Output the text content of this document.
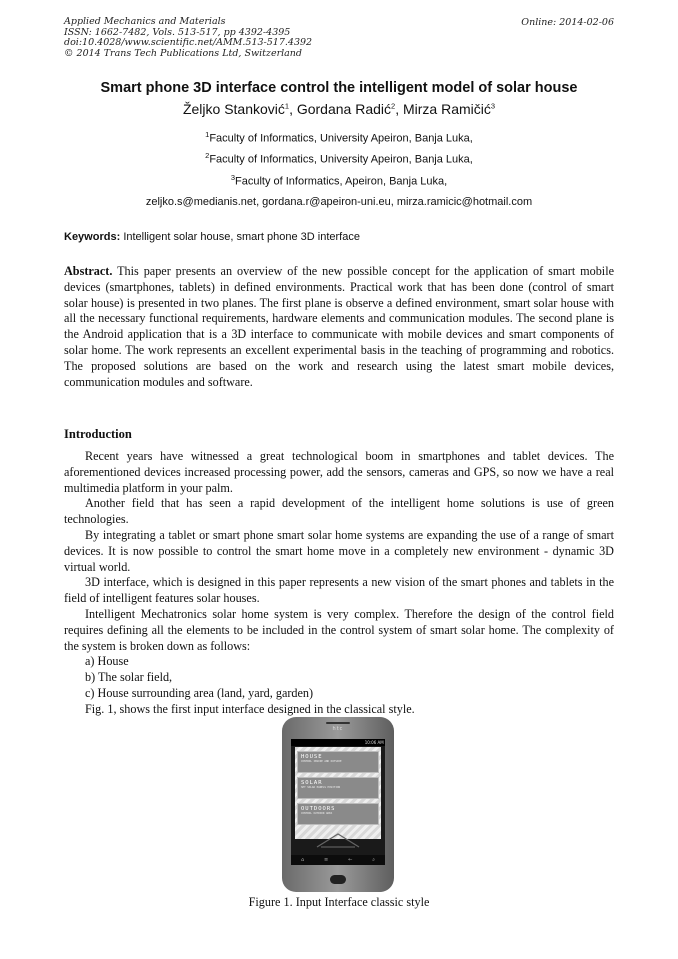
Applied Mechanics and Materials
ISSN: 1662-7482, Vols. 513-517, pp 4392-4395
doi:10.4028/www.scientific.net/AMM.513-517.4392
© 2014 Trans Tech Publications Ltd, Switzerland
Online: 2014-02-06
Smart phone 3D interface control the intelligent model of solar house
Željko Stanković$^1$, Gordana Radić$^2$, Mirza Ramičić$^3$
$^1$Faculty of Informatics, University Apeiron, Banja Luka,
$^2$Faculty of Informatics, University Apeiron, Banja Luka,
$^3$Faculty of Informatics, Apeiron, Banja Luka,
zeljko.s@medianis.net, gordana.r@apeiron-uni.eu, mirza.ramicic@hotmail.com
Keywords: Intelligent solar house, smart phone 3D interface
Abstract. This paper presents an overview of the new possible concept for the application of smart mobile devices (smartphones, tablets) in defined environments. Practical work that has been done (control of smart solar house) is presented in two planes. The first plane is observe a defined environment, smart solar house with all the necessary functional requirements, hardware elements and communication modules. The second plane is the Android application that is a 3D interface to communicate with mobile devices and smart components of solar home. The work represents an excellent experimental basis in the teaching of programming and robotics. The proposed solutions are based on the work and research using the latest smart mobile devices, communication modules and software.
Introduction

Recent years have witnessed a great technological boom in smartphones and tablet devices. The aforementioned devices increased processing power, add the sensors, cameras and GPS, so now we have a real multimedia platform in your palm.

Another field that has seen a rapid development of the intelligent home solutions is use of green technologies.

By integrating a tablet or smart phone smart solar home systems are expanding the use of a range of smart devices. It is now possible to control the smart home move in a completely new environment - dynamic 3D virtual world.

3D interface, which is designed in this paper represents a new vision of the smart phones and tablets in the field of intelligent features solar houses.

Intelligent Mechatronics solar home system is very complex. Therefore the design of the control field requires defining all the elements to be included in the control system of smart solar home. The complexity of the system is broken down as follows:

a) House

b) The solar field,

c) House surrounding area (land, yard, garden)

Fig. 1, shows the first input interface designed in the classical style.

htc
10:06 AM
HOUSE
CONTROL INSIDE AND OUTSIDE
SOLAR
SET SOLAR PANELS POSITION
OUTDOORS
CONTROL OUTDOOR AREA
⌂	≡	←	⌕
Figure 1. Input Interface classic style
